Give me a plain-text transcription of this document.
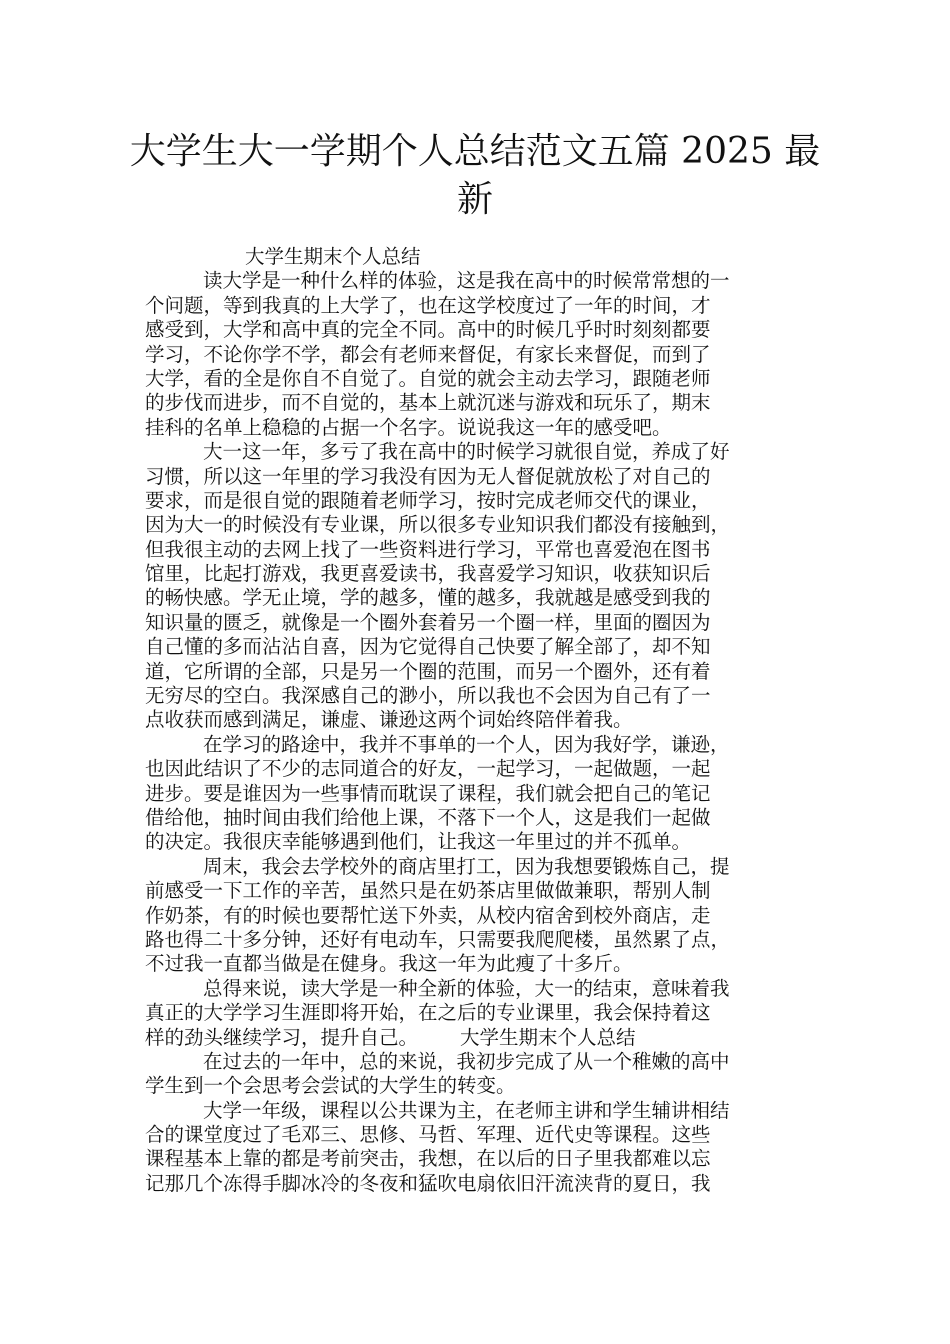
大学生大一学期个人总结范文五篇 2025 最
新
大学生期末个人总结
读大学是一种什么样的体验，这是我在高中的时候常常想的一
个问题，等到我真的上大学了，也在这学校度过了一年的时间，才
感受到，大学和高中真的完全不同。高中的时候几乎时时刻刻都要
学习，不论你学不学，都会有老师来督促，有家长来督促，而到了
大学，看的全是你自不自觉了。自觉的就会主动去学习，跟随老师
的步伐而进步，而不自觉的，基本上就沉迷与游戏和玩乐了，期末
挂科的名单上稳稳的占据一个名字。说说我这一年的感受吧。
大一这一年，多亏了我在高中的时候学习就很自觉，养成了好
习惯，所以这一年里的学习我没有因为无人督促就放松了对自己的
要求，而是很自觉的跟随着老师学习，按时完成老师交代的课业，
因为大一的时候没有专业课，所以很多专业知识我们都没有接触到，
但我很主动的去网上找了一些资料进行学习，平常也喜爱泡在图书
馆里，比起打游戏，我更喜爱读书，我喜爱学习知识，收获知识后
的畅快感。学无止境，学的越多，懂的越多，我就越是感受到我的
知识量的匮乏，就像是一个圈外套着另一个圈一样，里面的圈因为
自己懂的多而沾沾自喜，因为它觉得自己快要了解全部了，却不知
道，它所谓的全部，只是另一个圈的范围，而另一个圈外，还有着
无穷尽的空白。我深感自己的渺小，所以我也不会因为自己有了一
点收获而感到满足，谦虚、谦逊这两个词始终陪伴着我。
在学习的路途中，我并不事单的一个人，因为我好学，谦逊，
也因此结识了不少的志同道合的好友，一起学习，一起做题，一起
进步。要是谁因为一些事情而耽误了课程，我们就会把自己的笔记
借给他，抽时间由我们给他上课，不落下一个人，这是我们一起做
的决定。我很庆幸能够遇到他们，让我这一年里过的并不孤单。
周末，我会去学校外的商店里打工，因为我想要锻炼自己，提
前感受一下工作的辛苦，虽然只是在奶茶店里做做兼职，帮别人制
作奶茶，有的时候也要帮忙送下外卖，从校内宿舍到校外商店，走
路也得二十多分钟，还好有电动车，只需要我爬爬楼，虽然累了点，
不过我一直都当做是在健身。我这一年为此瘦了十多斤。
总得来说，读大学是一种全新的体验，大一的结束，意味着我
真正的大学学习生涯即将开始，在之后的专业课里，我会保持着这
样的劲头继续学习，提升自己。 大学生期末个人总结
在过去的一年中，总的来说，我初步完成了从一个稚嫩的高中
学生到一个会思考会尝试的大学生的转变。
大学一年级，课程以公共课为主，在老师主讲和学生辅讲相结
合的课堂度过了毛邓三、思修、马哲、军理、近代史等课程。这些
课程基本上靠的都是考前突击，我想，在以后的日子里我都难以忘
记那几个冻得手脚冰冷的冬夜和猛吹电扇依旧汗流浃背的夏日，我
